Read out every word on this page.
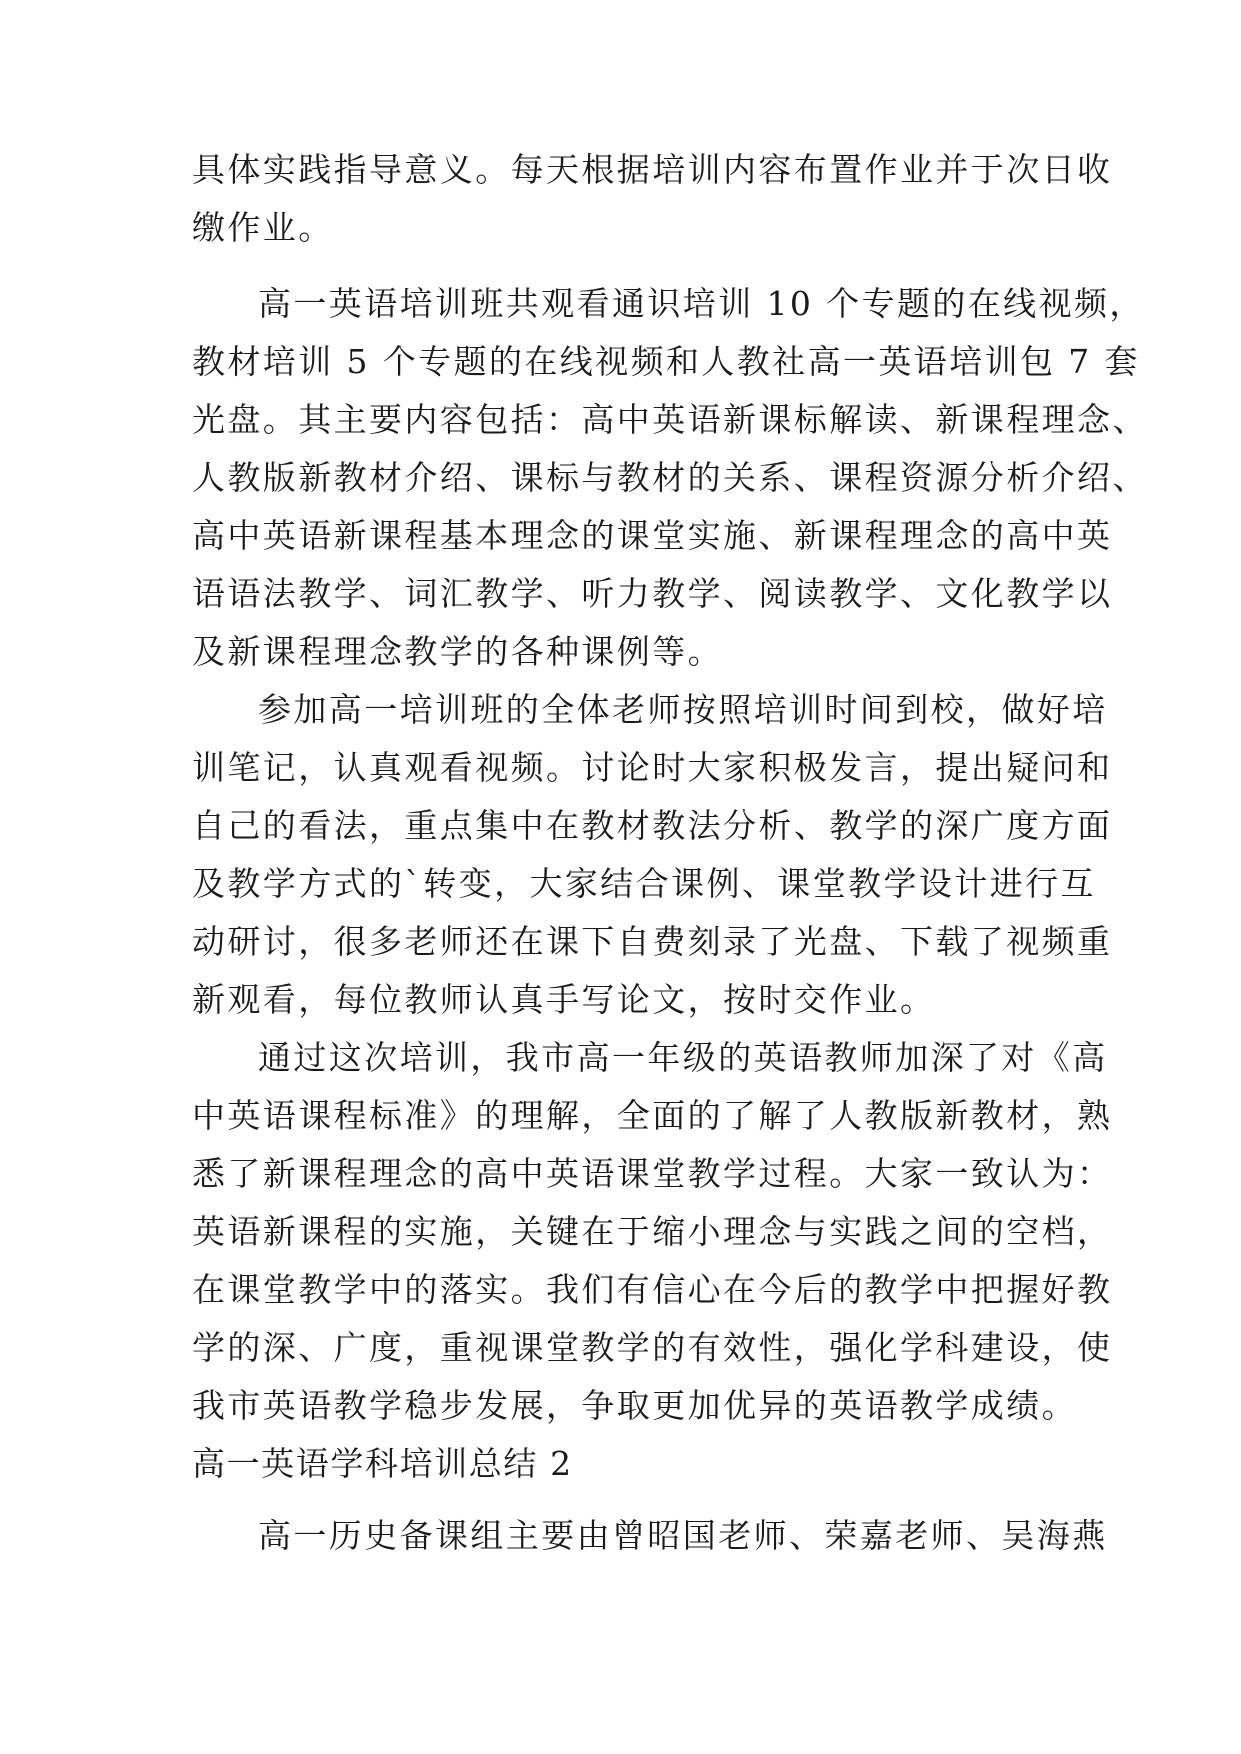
具体实践指导意义。每天根据培训内容布置作业并于次日收
缴作业。
高一英语培训班共观看通识培训 10 个专题的在线视频，
教材培训 5 个专题的在线视频和人教社高一英语培训包 7 套
光盘。其主要内容包括：高中英语新课标解读、新课程理念、
人教版新教材介绍、课标与教材的关系、课程资源分析介绍、
高中英语新课程基本理念的课堂实施、新课程理念的高中英
语语法教学、词汇教学、听力教学、阅读教学、文化教学以
及新课程理念教学的各种课例等。
参加高一培训班的全体老师按照培训时间到校，做好培
训笔记，认真观看视频。讨论时大家积极发言，提出疑问和
自己的看法，重点集中在教材教法分析、教学的深广度方面
及教学方式的`转变，大家结合课例、课堂教学设计进行互
动研讨，很多老师还在课下自费刻录了光盘、下载了视频重
新观看，每位教师认真手写论文，按时交作业。
通过这次培训，我市高一年级的英语教师加深了对《高
中英语课程标准》的理解，全面的了解了人教版新教材，熟
悉了新课程理念的高中英语课堂教学过程。大家一致认为：
英语新课程的实施，关键在于缩小理念与实践之间的空档，
在课堂教学中的落实。我们有信心在今后的教学中把握好教
学的深、广度，重视课堂教学的有效性，强化学科建设，使
我市英语教学稳步发展，争取更加优异的英语教学成绩。
高一英语学科培训总结 2
高一历史备课组主要由曾昭国老师、荣嘉老师、吴海燕
